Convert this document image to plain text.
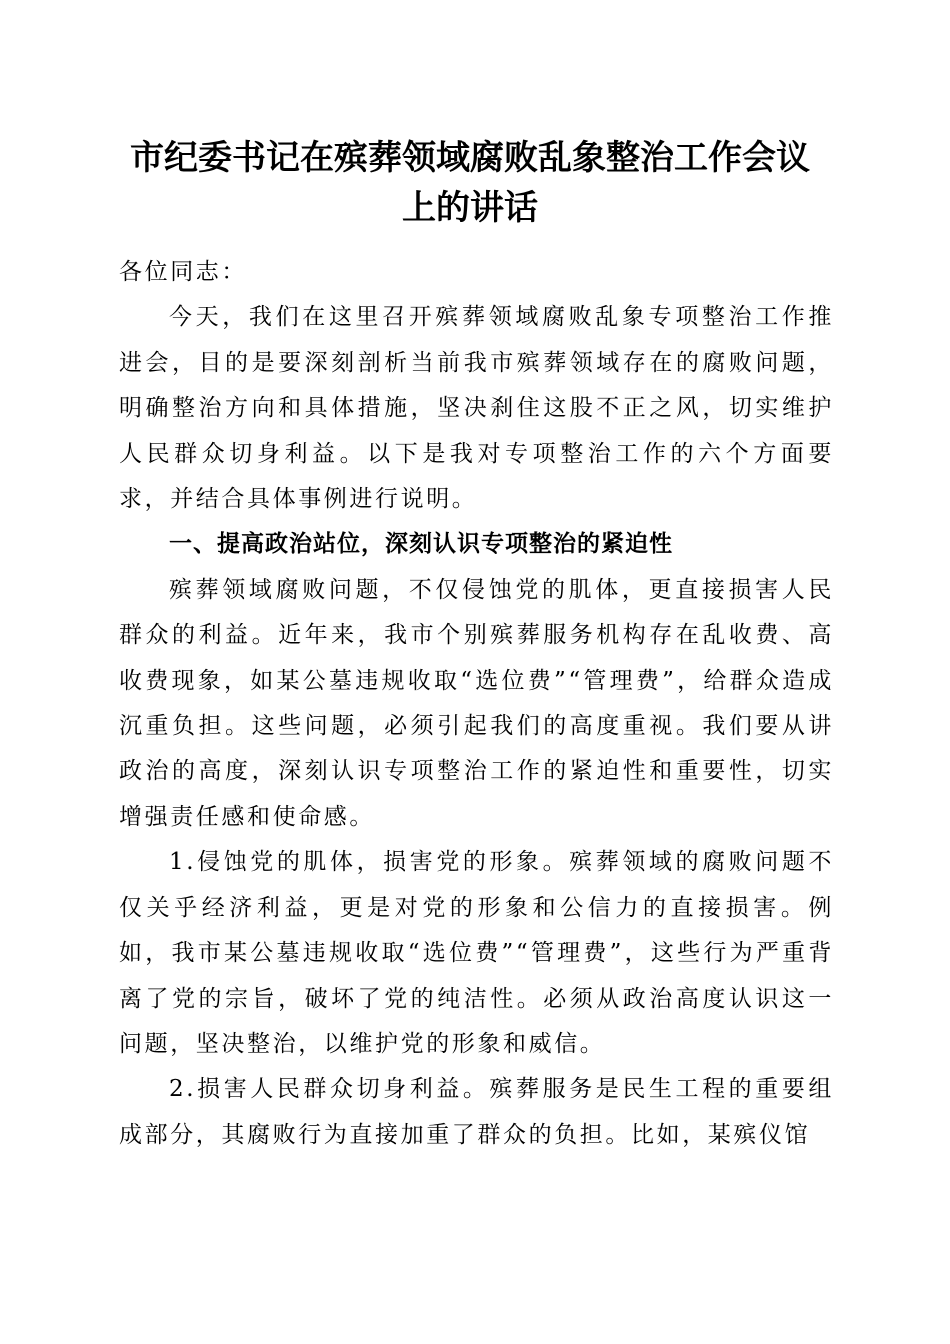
市纪委书记在殡葬领域腐败乱象整治工作会议
上的讲话

各位同志：

今天，我们在这里召开殡葬领域腐败乱象专项整治工作推进会，目的是要深刻剖析当前我市殡葬领域存在的腐败问题，明确整治方向和具体措施，坚决刹住这股不正之风，切实维护人民群众切身利益。以下是我对专项整治工作的六个方面要求，并结合具体事例进行说明。

一、提高政治站位，深刻认识专项整治的紧迫性

殡葬领域腐败问题，不仅侵蚀党的肌体，更直接损害人民群众的利益。近年来，我市个别殡葬服务机构存在乱收费、高收费现象，如某公墓违规收取“选位费”“管理费”，给群众造成沉重负担。这些问题，必须引起我们的高度重视。我们要从讲政治的高度，深刻认识专项整治工作的紧迫性和重要性，切实增强责任感和使命感。

1.侵蚀党的肌体，损害党的形象。殡葬领域的腐败问题不仅关乎经济利益，更是对党的形象和公信力的直接损害。例如，我市某公墓违规收取“选位费”“管理费”，这些行为严重背离了党的宗旨，破坏了党的纯洁性。必须从政治高度认识这一问题，坚决整治，以维护党的形象和威信。

2.损害人民群众切身利益。殡葬服务是民生工程的重要组成部分，其腐败行为直接加重了群众的负担。比如，某殡仪馆
